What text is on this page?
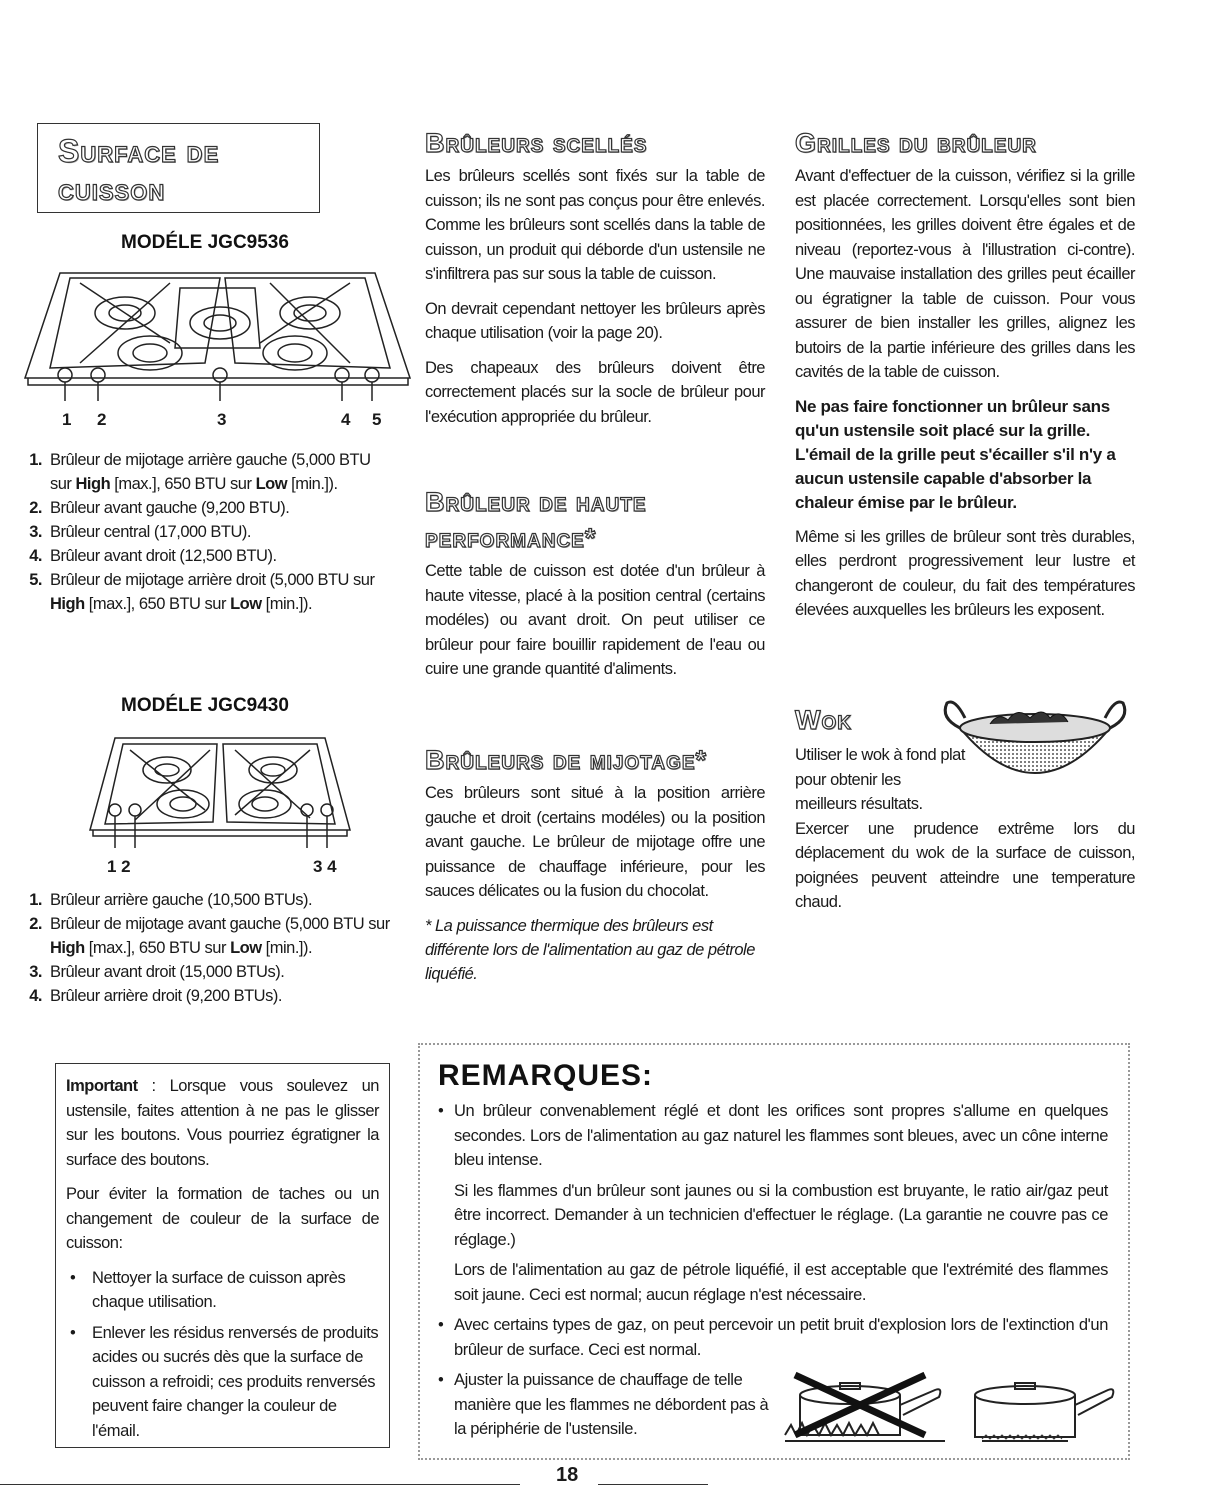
Surface de
cuisson

MODÉLE JGC9536

1 2	3	4 5
1. Brûleur de mijotage arrière gauche (5,000 BTU sur High [max.], 650 BTU sur Low [min.]).
2. Brûleur avant gauche (9,200 BTU).
3. Brûleur central (17,000 BTU).
4. Brûleur avant droit (12,500 BTU).
5. Brûleur de mijotage arrière droit (5,000 BTU sur High [max.], 650 BTU sur Low [min.]).

MODÉLE JGC9430

1 2	3 4
1. Brûleur arrière gauche (10,500 BTUs).
2. Brûleur de mijotage avant gauche (5,000 BTU sur High [max.], 650 BTU sur Low [min.]).
3. Brûleur avant droit (15,000 BTUs).
4. Brûleur arrière droit (9,200 BTUs).

Important : Lorsque vous soulevez un ustensile, faites attention à ne pas le glisser sur les boutons. Vous pourriez égratigner la surface des boutons.

Pour éviter la formation de taches ou un changement de couleur de la surface de cuisson:

• Nettoyer la surface de cuisson après chaque utilisation.
• Enlever les résidus renversés de produits acides ou sucrés dès que la surface de cuisson a refroidi; ces produits renversés peuvent faire changer la couleur de l'émail.

Brûleurs scellés

Les brûleurs scellés sont fixés sur la table de cuisson; ils ne sont pas conçus pour être enlevés. Comme les brûleurs sont scellés dans la table de cuisson, un produit qui déborde d'un ustensile ne s'infiltrera pas sur sous la table de cuisson.

On devrait cependant nettoyer les brûleurs après chaque utilisation (voir la page 20).

Des chapeaux des brûleurs doivent être correctement placés sur la socle de brûleur pour l'exécution appropriée du brûleur.

Brûleur de haute

performance*

Cette table de cuisson est dotée d'un brûleur à haute vitesse, placé à la position central (certains modéles) ou avant droit. On peut utiliser ce brûleur pour faire bouillir rapidement de l'eau ou cuire une grande quantité d'aliments.

Brûleurs de mijotage*

Ces brûleurs sont situé à la position arrière gauche et droit (certains modéles) ou la position avant gauche. Le brûleur de mijotage offre une puissance de chauffage inférieure, pour les sauces délicates ou la fusion du chocolat.

* La puissance thermique des brûleurs est différente lors de l'alimentation au gaz de pétrole liquéfié.

Grilles du brûleur

Avant d'effectuer de la cuisson, vérifiez si la grille est placée correctement. Lorsqu'elles sont bien positionnées, les grilles doivent être égales et de niveau (reportez-vous à l'illustration ci-contre). Une mauvaise installation des grilles peut écailler ou égratigner la table de cuisson. Pour vous assurer de bien installer les grilles, alignez les butoirs de la partie inférieure des grilles dans les cavités de la table de cuisson.

Ne pas faire fonctionner un brûleur sans qu'un ustensile soit placé sur la grille. L'émail de la grille peut s'écailler s'il n'y a aucun ustensile capable d'absorber la chaleur émise par le brûleur.

Même si les grilles de brûleur sont très durables, elles perdront progressivement leur lustre et changeront de couleur, du fait des températures élevées auxquelles les brûleurs les exposent.

Wok

Utiliser le wok à fond plat pour obtenir les meilleurs résultats.

Exercer une prudence extrême lors du déplacement du wok de la surface de cuisson, poignées peuvent atteindre une temperature chaud.

REMARQUES:

• Un brûleur convenablement réglé et dont les orifices sont propres s'allume en quelques secondes. Lors de l'alimentation au gaz naturel les flammes sont bleues, avec un cône interne bleu intense.

Si les flammes d'un brûleur sont jaunes ou si la combustion est bruyante, le ratio air/gaz peut être incorrect. Demander à un technicien d'effectuer le réglage. (La garantie ne couvre pas ce réglage.)

Lors de l'alimentation au gaz de pétrole liquéfié, il est acceptable que l'extrémité des flammes soit jaune. Ceci est normal; aucun réglage n'est nécessaire.

• Avec certains types de gaz, on peut percevoir un petit bruit d'explosion lors de l'extinction d'un brûleur de surface. Ceci est normal.

• Ajuster la puissance de chauffage de telle manière que les flammes ne débordent pas à la périphérie de l'ustensile.

18
